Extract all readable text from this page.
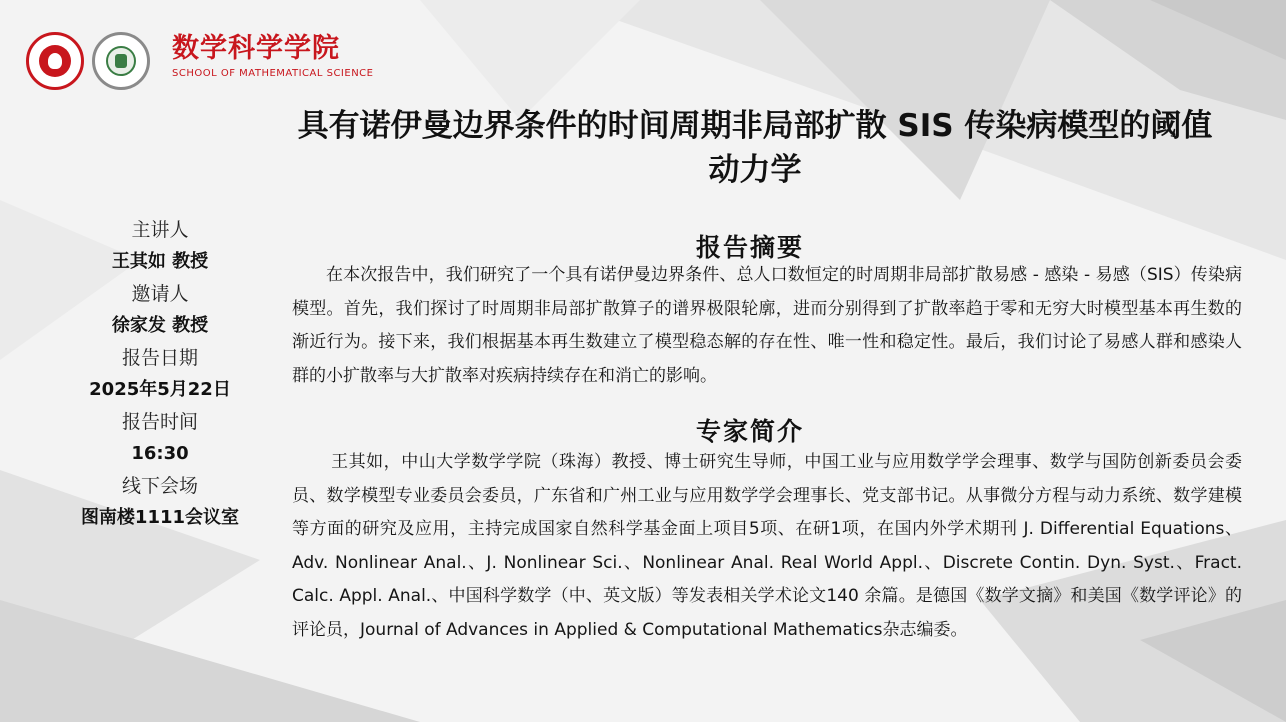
数学科学学院
SCHOOL OF MATHEMATICAL SCIENCE
具有诺伊曼边界条件的时间周期非局部扩散 SIS 传染病模型的阈值动力学
主讲人
王其如 教授
邀请人
徐家发 教授
报告日期
2025年5月22日
报告时间
16:30
线下会场
图南楼1111会议室
报告摘要
在本次报告中，我们研究了一个具有诺伊曼边界条件、总人口数恒定的时周期非局部扩散易感 - 感染 - 易感（SIS）传染病模型。首先，我们探讨了时周期非局部扩散算子的谱界极限轮廓，进而分别得到了扩散率趋于零和无穷大时模型基本再生数的渐近行为。接下来，我们根据基本再生数建立了模型稳态解的存在性、唯一性和稳定性。最后，我们讨论了易感人群和感染人群的小扩散率与大扩散率对疾病持续存在和消亡的影响。
专家简介
王其如，中山大学数学学院（珠海）教授、博士研究生导师，中国工业与应用数学学会理事、数学与国防创新委员会委员、数学模型专业委员会委员，广东省和广州工业与应用数学学会理事长、党支部书记。从事微分方程与动力系统、数学建模等方面的研究及应用，主持完成国家自然科学基金面上项目5项、在研1项，在国内外学术期刊 J. Differential Equations、Adv. Nonlinear Anal.、J. Nonlinear Sci.、Nonlinear Anal. Real World Appl.、Discrete Contin. Dyn. Syst.、Fract. Calc. Appl. Anal.、中国科学数学（中、英文版）等发表相关学术论文140 余篇。是德国《数学文摘》和美国《数学评论》的评论员，Journal of Advances in Applied & Computational Mathematics杂志编委。
